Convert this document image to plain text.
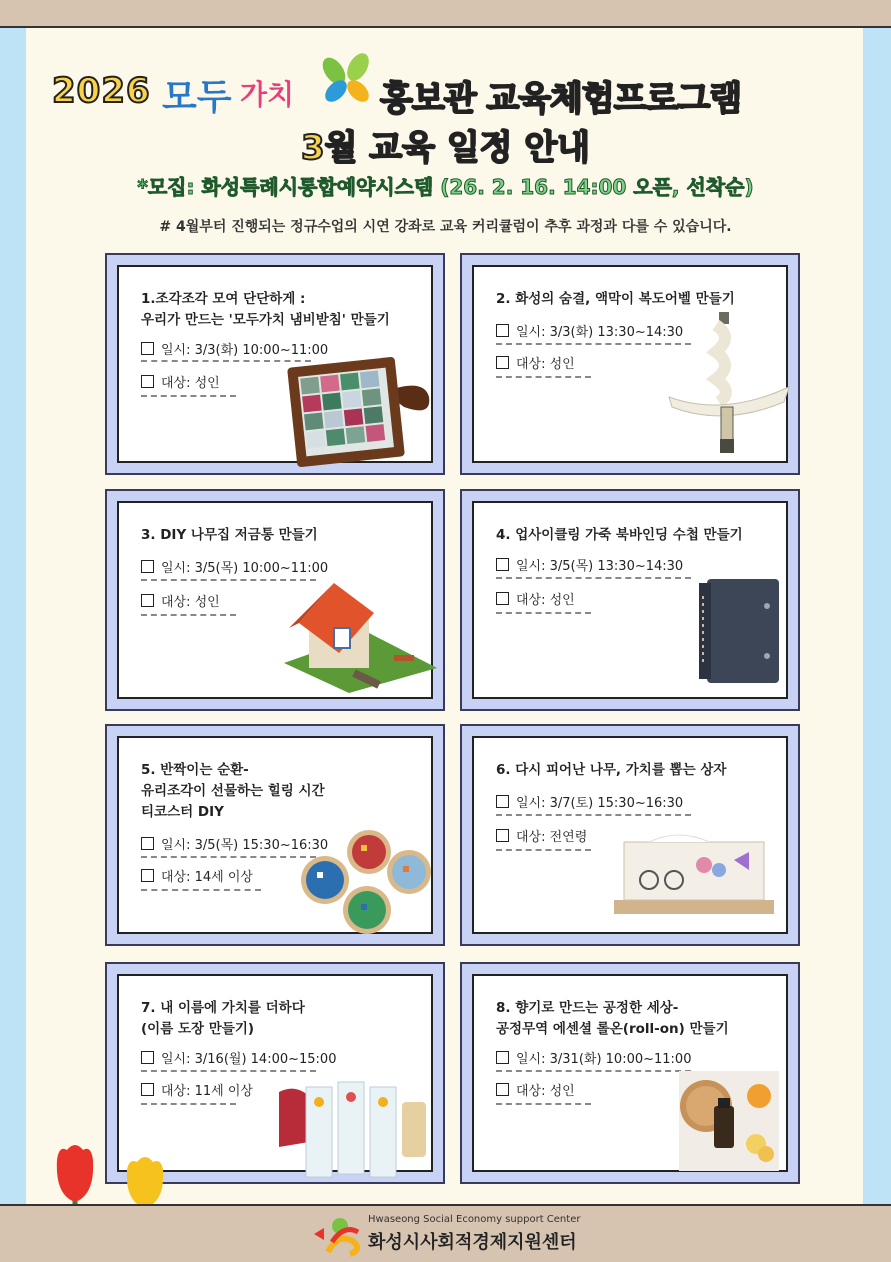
2026 모두 가치	홍보관 교육체험프로그램
3월 교육 일정 안내
*모집: 화성특례시통합예약시스템 (26. 2. 16. 14:00 오픈, 선착순)
# 4월부터 진행되는 정규수업의 시연 강좌로 교육 커리큘럼이 추후 과정과 다를 수 있습니다.
1.조각조각 모여 단단하게 :
우리가 만드는 '모두가치 냄비받침' 만들기
일시: 3/3(화) 10:00~11:00
대상: 성인
2. 화성의 숨결, 액막이 복도어벨 만들기
일시: 3/3(화) 13:30~14:30
대상: 성인
3. DIY 나무집 저금통 만들기
일시: 3/5(목) 10:00~11:00
대상: 성인
4. 업사이클링 가죽 북바인딩 수첩 만들기
일시: 3/5(목) 13:30~14:30
대상: 성인
5. 반짝이는 순환-
유리조각이 선물하는 힐링 시간
티코스터 DIY
일시: 3/5(목) 15:30~16:30
대상: 14세 이상
6. 다시 피어난 나무, 가치를 뽑는 상자
일시: 3/7(토) 15:30~16:30
대상: 전연령
7. 내 이름에 가치를 더하다
(이름 도장 만들기)
일시: 3/16(월) 14:00~15:00
대상: 11세 이상
8. 향기로 만드는 공정한 세상-
공정무역 에센셜 롤온(roll-on) 만들기
일시: 3/31(화) 10:00~11:00
대상: 성인
Hwaseong Social Economy support Center
화성시사회적경제지원센터
